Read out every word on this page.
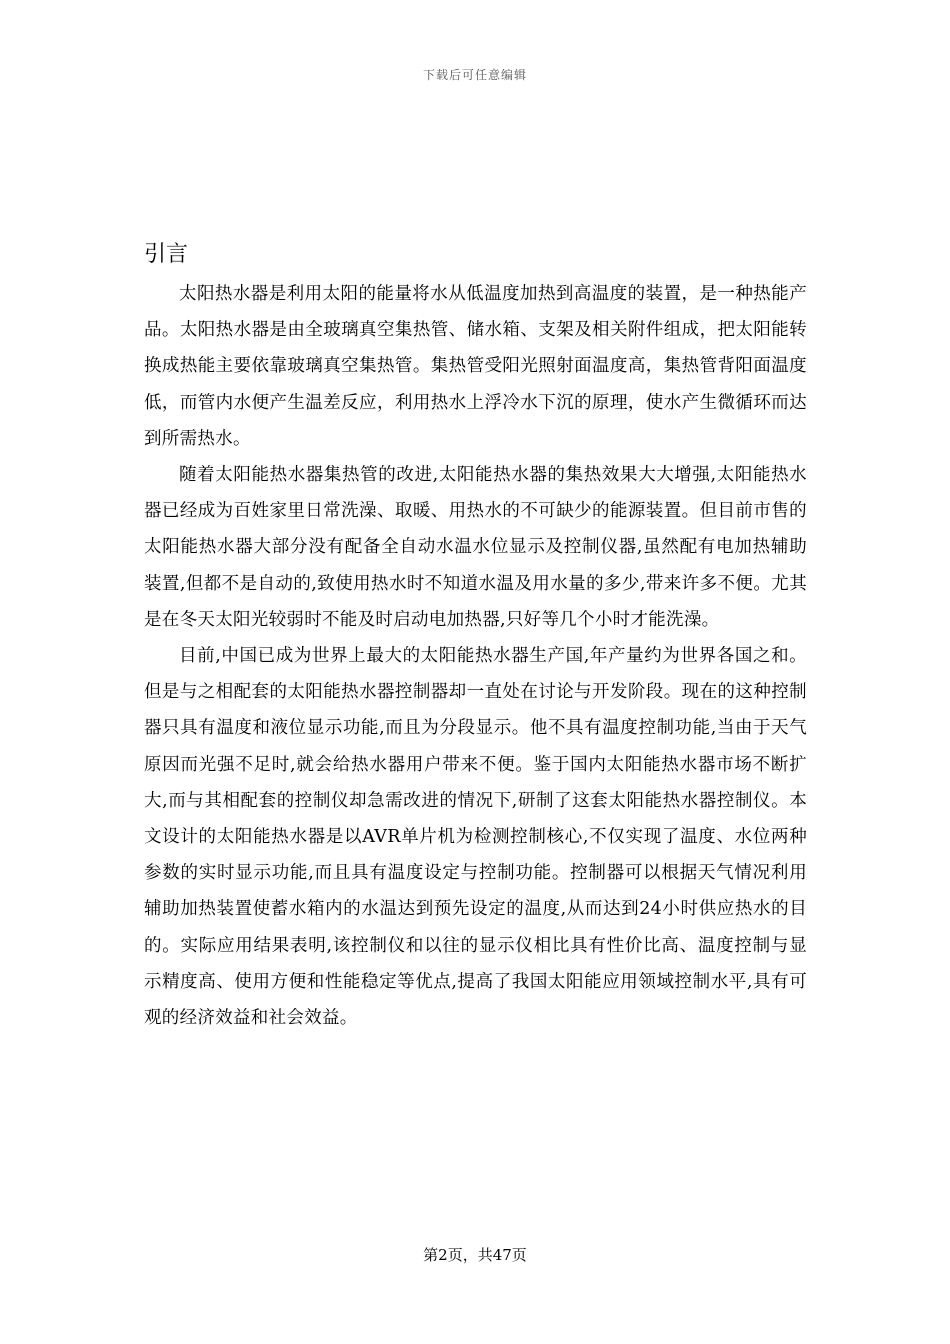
下载后可任意编辑
引言

太阳热水器是利用太阳的能量将水从低温度加热到高温度的装置，是一种热能产品。太阳热水器是由全玻璃真空集热管、储水箱、支架及相关附件组成，把太阳能转换成热能主要依靠玻璃真空集热管。集热管受阳光照射面温度高，集热管背阳面温度低，而管内水便产生温差反应，利用热水上浮冷水下沉的原理，使水产生微循环而达到所需热水。

随着太阳能热水器集热管的改进,太阳能热水器的集热效果大大增强,太阳能热水器已经成为百姓家里日常洗澡、取暖、用热水的不可缺少的能源装置。但目前市售的太阳能热水器大部分没有配备全自动水温水位显示及控制仪器,虽然配有电加热辅助装置,但都不是自动的,致使用热水时不知道水温及用水量的多少,带来许多不便。尤其是在冬天太阳光较弱时不能及时启动电加热器,只好等几个小时才能洗澡。

目前,中国已成为世界上最大的太阳能热水器生产国,年产量约为世界各国之和。但是与之相配套的太阳能热水器控制器却一直处在讨论与开发阶段。现在的这种控制器只具有温度和液位显示功能,而且为分段显示。他不具有温度控制功能,当由于天气原因而光强不足时,就会给热水器用户带来不便。鉴于国内太阳能热水器市场不断扩大,而与其相配套的控制仪却急需改进的情况下,研制了这套太阳能热水器控制仪。本文设计的太阳能热水器是以AVR单片机为检测控制核心,不仅实现了温度、水位两种参数的实时显示功能,而且具有温度设定与控制功能。控制器可以根据天气情况利用辅助加热装置使蓄水箱内的水温达到预先设定的温度,从而达到24小时供应热水的目的。实际应用结果表明,该控制仪和以往的显示仪相比具有性价比高、温度控制与显示精度高、使用方便和性能稳定等优点,提高了我国太阳能应用领域控制水平,具有可观的经济效益和社会效益。

第2页，共47页
